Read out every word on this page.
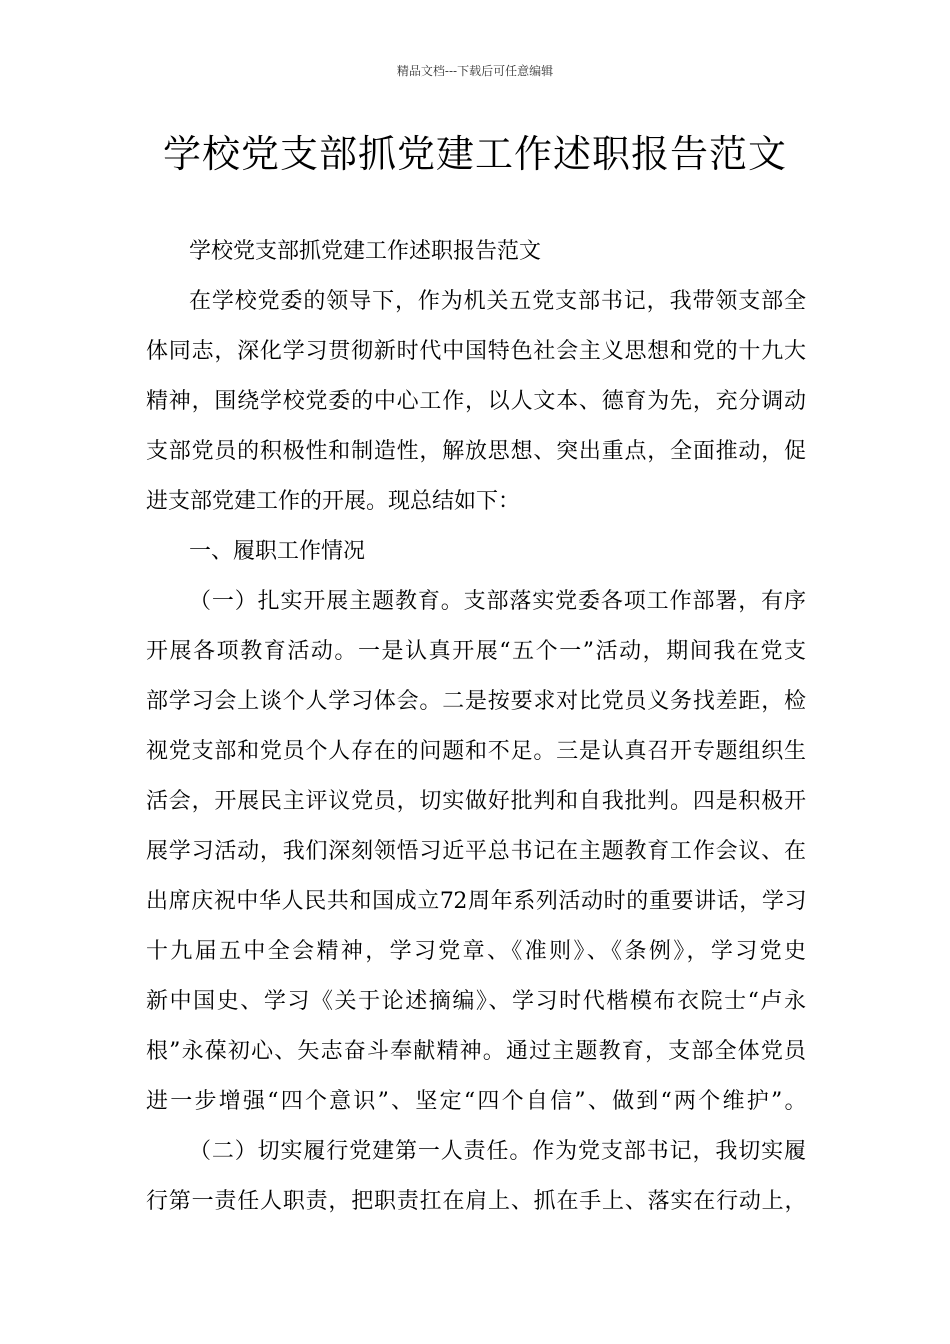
精品文档---下载后可任意编辑
学校党支部抓党建工作述职报告范文
学校党支部抓党建工作述职报告范文
在学校党委的领导下，作为机关五党支部书记，我带领支部全
体同志，深化学习贯彻新时代中国特色社会主义思想和党的十九大
精神，围绕学校党委的中心工作，以人文本、德育为先，充分调动
支部党员的积极性和制造性，解放思想、突出重点，全面推动，促
进支部党建工作的开展。现总结如下：
一、履职工作情况
（一）扎实开展主题教育。支部落实党委各项工作部署，有序
开展各项教育活动。一是认真开展“五个一”活动，期间我在党支
部学习会上谈个人学习体会。二是按要求对比党员义务找差距，检
视党支部和党员个人存在的问题和不足。三是认真召开专题组织生
活会，开展民主评议党员，切实做好批判和自我批判。四是积极开
展学习活动，我们深刻领悟习近平总书记在主题教育工作会议、在
出席庆祝中华人民共和国成立72周年系列活动时的重要讲话，学习
十九届五中全会精神，学习党章、《准则》、《条例》，学习党史
新中国史、学习《关于论述摘编》、学习时代楷模布衣院士“卢永
根”永葆初心、矢志奋斗奉献精神。通过主题教育，支部全体党员
进一步增强“四个意识”、坚定“四个自信”、做到“两个维护”。
（二）切实履行党建第一人责任。作为党支部书记，我切实履
行第一责任人职责，把职责扛在肩上、抓在手上、落实在行动上，
